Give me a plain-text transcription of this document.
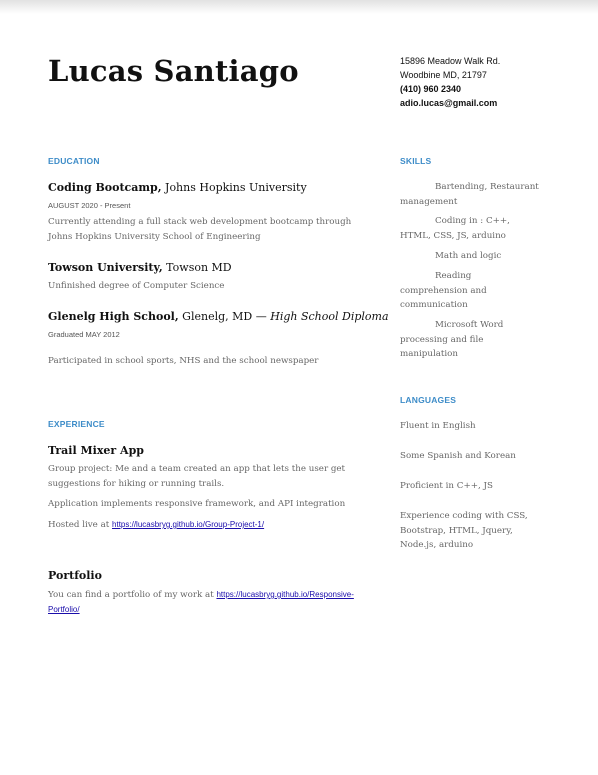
Lucas Santiago	15896 Meadow Walk Rd.
Woodbine MD, 21797
(410) 960 2340
adio.lucas@gmail.com
EDUCATION
Coding Bootcamp, Johns Hopkins University
AUGUST 2020 - Present
Currently attending a full stack web development bootcamp through Johns Hopkins University School of Engineering
Towson University, Towson MD
Unfinished degree of Computer Science
Glenelg High School, Glenelg, MD — High School Diploma
Graduated MAY 2012
Participated in school sports, NHS and the school newspaper
EXPERIENCE
Trail Mixer App
Group project: Me and a team created an app that lets the user get suggestions for hiking or running trails.
Application implements responsive framework, and API integration
Hosted live at https://lucasbryg.github.io/Group-Project-1/
Portfolio
You can find a portfolio of my work at https://lucasbryg.github.io/Responsive-Portfolio/
SKILLS
Bartending, Restaurant management
Coding in : C++, HTML, CSS, JS, arduino
Math and logic
Reading comprehension and communication
Microsoft Word processing and file manipulation
LANGUAGES
Fluent in English
Some Spanish and Korean
Proficient in C++, JS
Experience coding with CSS, Bootstrap, HTML, Jquery, Node.js, arduino
